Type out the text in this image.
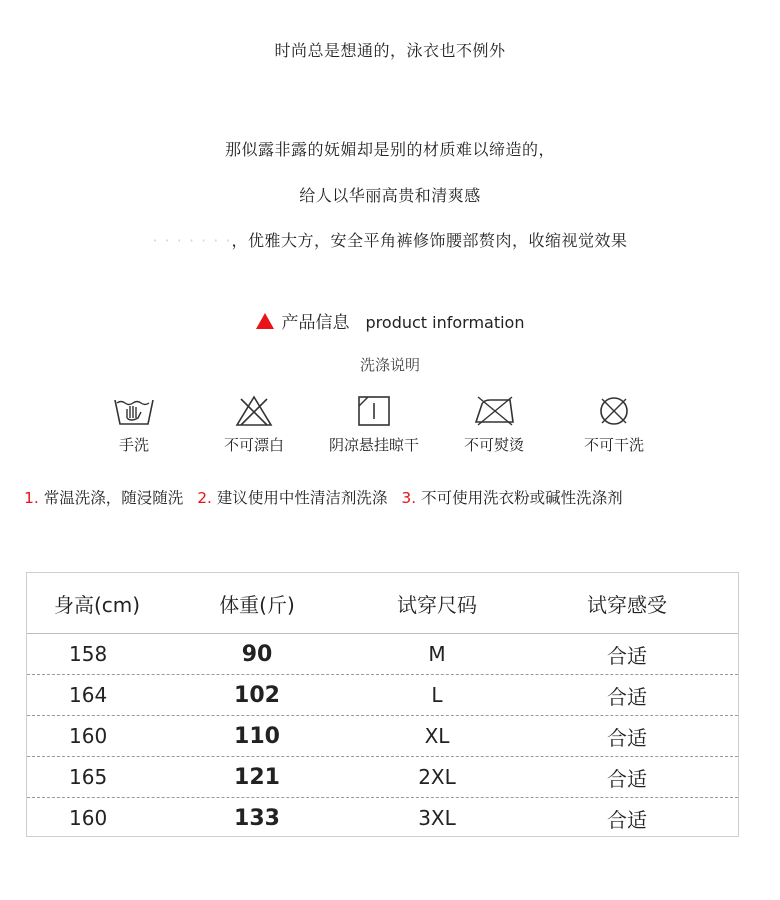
时尚总是想通的，泳衣也不例外
那似露非露的妩媚却是别的材质难以缔造的，
给人以华丽高贵和清爽感
· · · · · · ·，优雅大方，安全平角裤修饰腰部赘肉，收缩视觉效果
产品信息 product information
洗涤说明
手洗	不可漂白	阴凉悬挂晾干	不可熨烫	不可干洗
1. 常温洗涤，随浸随洗 2. 建议使用中性清洁剂洗涤 3. 不可使用洗衣粉或碱性洗涤剂
身高(cm)	体重(斤)	试穿尺码	试穿感受
158	90	M	合适
164	102	L	合适
160	110	XL	合适
165	121	2XL	合适
160	133	3XL	合适
